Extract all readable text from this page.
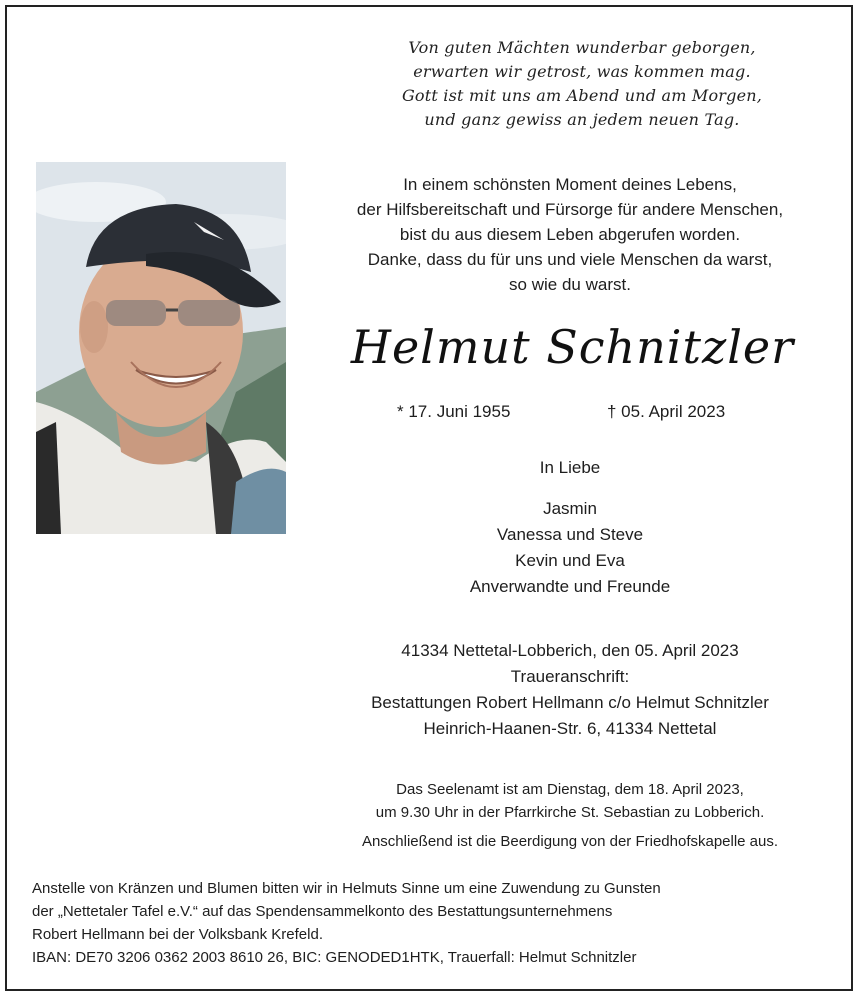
Von guten Mächten wunderbar geborgen,
erwarten wir getrost, was kommen mag.
Gott ist mit uns am Abend und am Morgen,
und ganz gewiss an jedem neuen Tag.
In einem schönsten Moment deines Lebens,
der Hilfsbereitschaft und Fürsorge für andere Menschen,
bist du aus diesem Leben abgerufen worden.
Danke, dass du für uns und viele Menschen da warst,
so wie du warst.
Helmut Schnitzler
* 17. Juni 1955	† 05. April 2023
In Liebe
Jasmin
Vanessa und Steve
Kevin und Eva
Anverwandte und Freunde
41334 Nettetal-Lobberich, den 05. April 2023
Traueranschrift:
Bestattungen Robert Hellmann c/o Helmut Schnitzler
Heinrich-Haanen-Str. 6, 41334 Nettetal
Das Seelenamt ist am Dienstag, dem 18. April 2023,
um 9.30 Uhr in der Pfarrkirche St. Sebastian zu Lobberich.
Anschließend ist die Beerdigung von der Friedhofskapelle aus.
Anstelle von Kränzen und Blumen bitten wir in Helmuts Sinne um eine Zuwendung zu Gunsten
der „Nettetaler Tafel e.V.“ auf das Spendensammelkonto des Bestattungsunternehmens
Robert Hellmann bei der Volksbank Krefeld.
IBAN: DE70 3206 0362 2003 8610 26, BIC: GENODED1HTK, Trauerfall: Helmut Schnitzler
